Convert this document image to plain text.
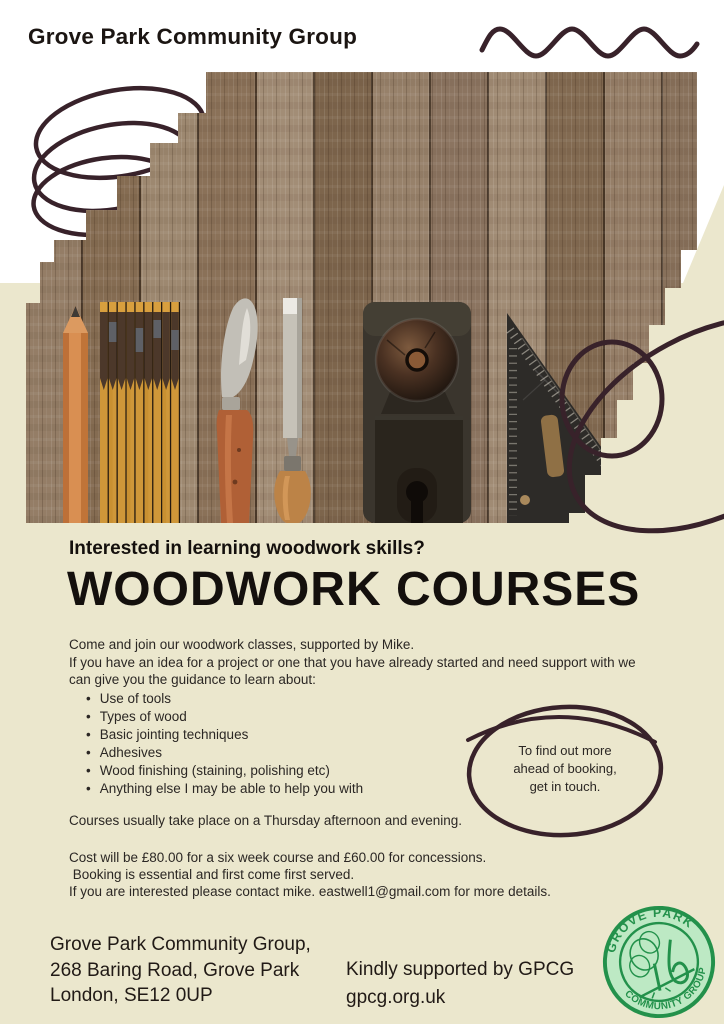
Grove Park Community Group
Interested in learning woodwork skills?
WOODWORK COURSES
Come and join our woodwork classes, supported by Mike.
If you have an idea for a project or one that you have already started and need support with we
can give you the guidance to learn about:
• Use of tools
• Types of wood
• Basic jointing techniques
• Adhesives
• Wood finishing (staining, polishing etc)
• Anything else I may be able to help you with
To find out more
ahead of booking,
get in touch.
Courses usually take place on a Thursday afternoon and evening.
Cost will be £80.00 for a six week course and £60.00 for concessions.
Booking is essential and first come first served.
If you are interested please contact mike. eastwell1@gmail.com for more details.
Grove Park Community Group,
268 Baring Road, Grove Park
London, SE12 0UP
Kindly supported by GPCG
gpcg.org.uk
GROVE PARK
COMMUNITY GROUP
